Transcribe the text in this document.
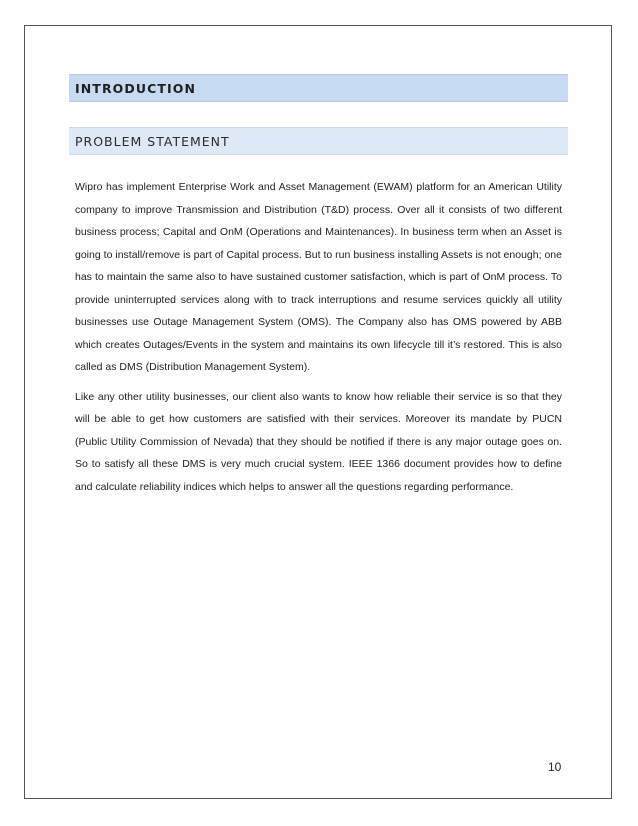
INTRODUCTION
PROBLEM STATEMENT

Wipro has implement Enterprise Work and Asset Management (EWAM) platform for an American Utility company to improve Transmission and Distribution (T&D) process. Over all it consists of two different business process; Capital and OnM (Operations and Maintenances). In business term when an Asset is going to install/remove is part of Capital process. But to run business installing Assets is not enough; one has to maintain the same also to have sustained customer satisfaction, which is part of OnM process. To provide uninterrupted services along with to track interruptions and resume services quickly all utility businesses use Outage Management System (OMS). The Company also has OMS powered by ABB which creates Outages/Events in the system and maintains its own lifecycle till it’s restored. This is also called as DMS (Distribution Management System).

Like any other utility businesses, our client also wants to know how reliable their service is so that they will be able to get how customers are satisfied with their services. Moreover its mandate by PUCN (Public Utility Commission of Nevada) that they should be notified if there is any major outage goes on. So to satisfy all these DMS is very much crucial system. IEEE 1366 document provides how to define and calculate reliability indices which helps to answer all the questions regarding performance.

10
